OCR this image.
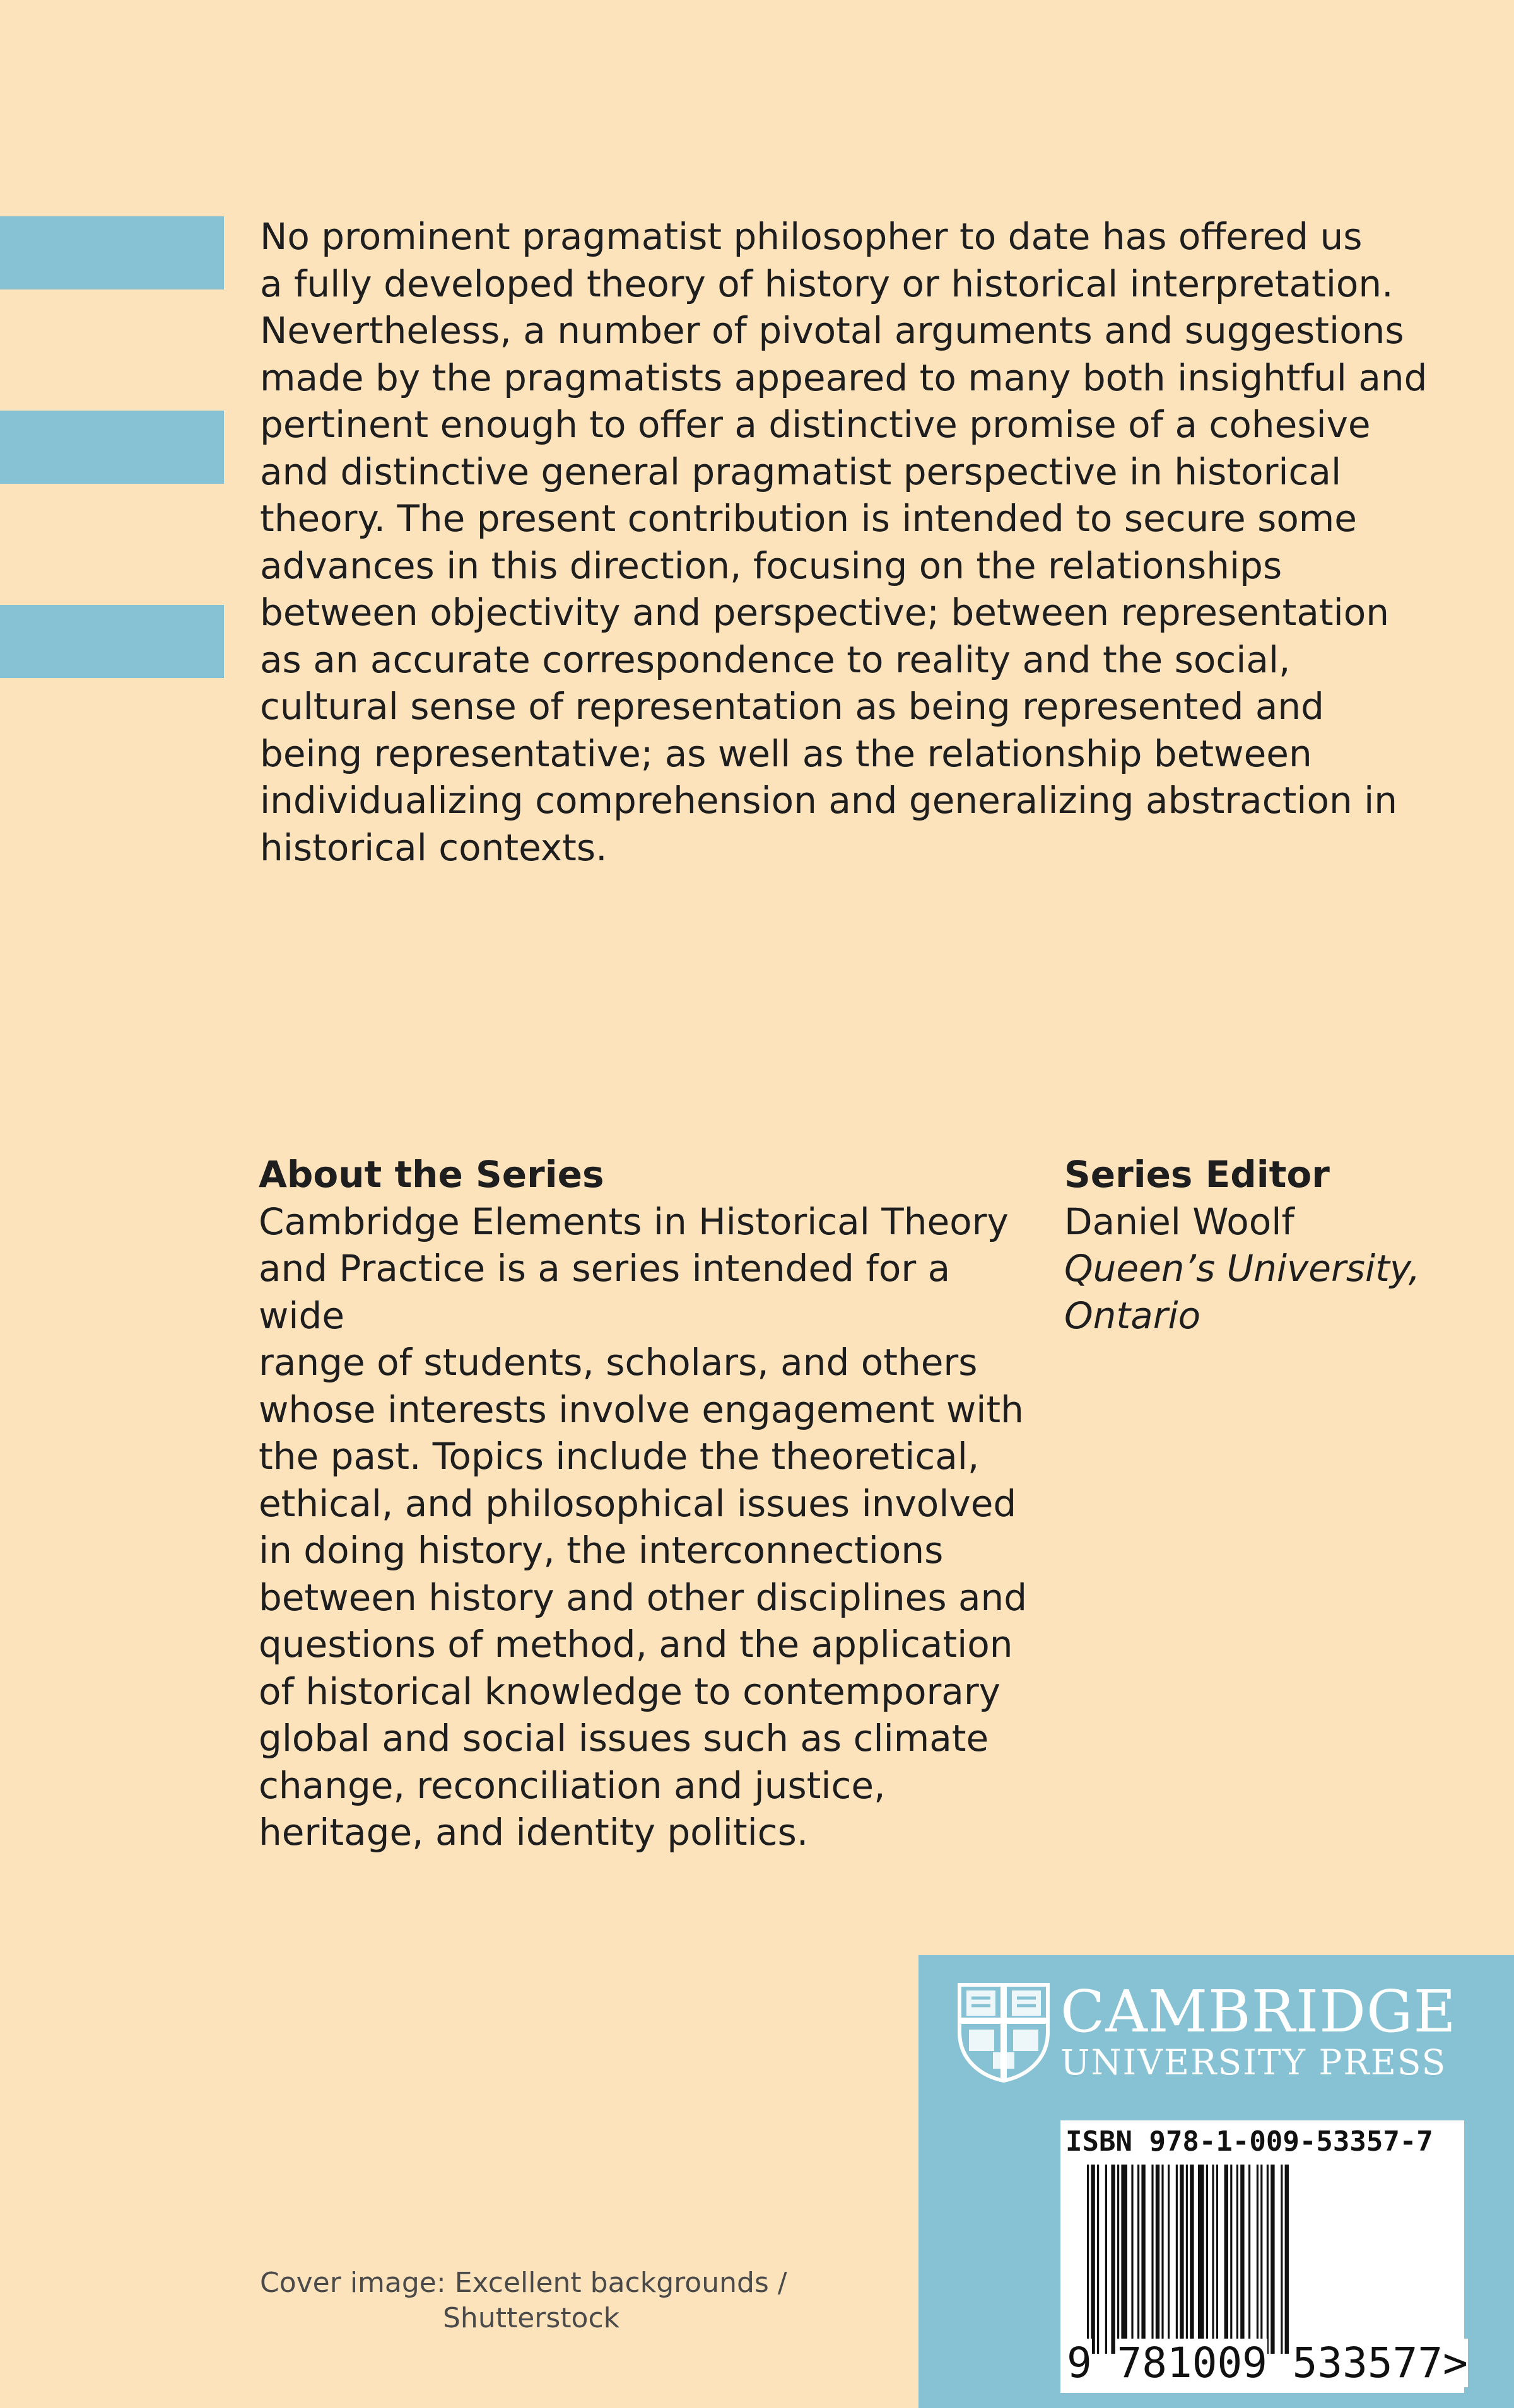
No prominent pragmatist philosopher to date has offered us
a fully developed theory of history or historical interpretation.
Nevertheless, a number of pivotal arguments and suggestions
made by the pragmatists appeared to many both insightful and
pertinent enough to offer a distinctive promise of a cohesive
and distinctive general pragmatist perspective in historical
theory. The present contribution is intended to secure some
advances in this direction, focusing on the relationships
between objectivity and perspective; between representation
as an accurate correspondence to reality and the social,
cultural sense of representation as being represented and
being representative; as well as the relationship between
individualizing comprehension and generalizing abstraction in
historical contexts.

About the Series
Cambridge Elements in Historical Theory
and Practice is a series intended for a wide
range of students, scholars, and others
whose interests involve engagement with
the past. Topics include the theoretical,
ethical, and philosophical issues involved
in doing history, the interconnections
between history and other disciplines and
questions of method, and the application
of historical knowledge to contemporary
global and social issues such as climate
change, reconciliation and justice,
heritage, and identity politics.
Series Editor
Daniel Woolf
Queen’s University,
Ontario
Cover image: Excellent backgrounds /
Shutterstock
CAMBRIDGE
UNIVERSITY PRESS
ISBN 978-1-009-53357-7
9 781009 533577>
